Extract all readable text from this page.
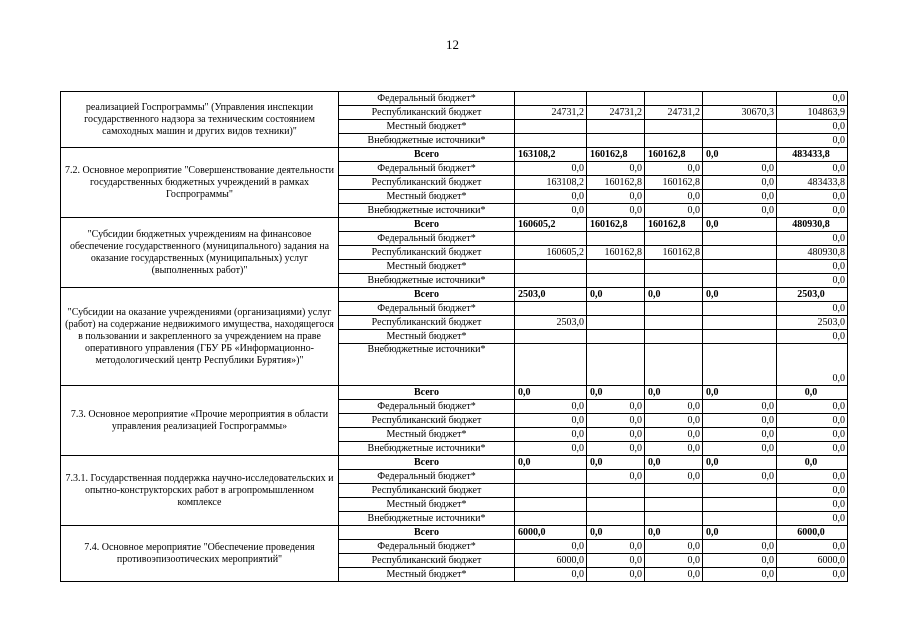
12
реализацией Госпрограммы" (Управления инспекции государственного надзора за техническим состоянием самоходных машин и других видов техники)"	Федеральный бюджет*					0,0
	Республиканский бюджет	24731,2	24731,2	24731,2	30670,3	104863,9
	Местный бюджет*					0,0
	Внебюджетные источники*					0,0
7.2. Основное мероприятие "Совершенствование деятельности государственных бюджетных учреждений в рамках Госпрограммы"	Всего	163108,2	160162,8	160162,8	0,0	483433,8
	Федеральный бюджет*	0,0	0,0	0,0	0,0	0,0
	Республиканский бюджет	163108,2	160162,8	160162,8	0,0	483433,8
	Местный бюджет*	0,0	0,0	0,0	0,0	0,0
	Внебюджетные источники*	0,0	0,0	0,0	0,0	0,0
"Субсидии бюджетных учреждениям на финансовое обеспечение государственного (муниципального) задания на оказание государственных (муниципальных) услуг (выполненных работ)"	Всего	160605,2	160162,8	160162,8	0,0	480930,8
	Федеральный бюджет*					0,0
	Республиканский бюджет	160605,2	160162,8	160162,8		480930,8
	Местный бюджет*					0,0
	Внебюджетные источники*					0,0
"Субсидии на оказание учреждениями (организациями) услуг (работ) на содержание недвижимого имущества, находящегося в пользовании и закрепленного за учреждением на праве оперативного управления (ГБУ РБ «Информационно-методологический центр Республики Бурятия»)"	Всего	2503,0	0,0	0,0	0,0	2503,0
	Федеральный бюджет*					0,0
	Республиканский бюджет	2503,0				2503,0
	Местный бюджет*					0,0
	Внебюджетные источники*					0,0
7.3. Основное мероприятие «Прочие мероприятия в области управления реализацией Госпрограммы»	Всего	0,0	0,0	0,0	0,0	0,0
	Федеральный бюджет*	0,0	0,0	0,0	0,0	0,0
	Республиканский бюджет	0,0	0,0	0,0	0,0	0,0
	Местный бюджет*	0,0	0,0	0,0	0,0	0,0
	Внебюджетные источники*	0,0	0,0	0,0	0,0	0,0
7.3.1. Государственная поддержка научно-исследовательских и опытно-конструкторских работ в агропромышленном комплексе	Всего	0,0	0,0	0,0	0,0	0,0
	Федеральный бюджет*		0,0	0,0	0,0	0,0
	Республиканский бюджет					0,0
	Местный бюджет*					0,0
	Внебюджетные источники*					0,0
7.4. Основное мероприятие "Обеспечение проведения противоэпизоотических мероприятий"	Всего	6000,0	0,0	0,0	0,0	6000,0
	Федеральный бюджет*	0,0	0,0	0,0	0,0	0,0
	Республиканский бюджет	6000,0	0,0	0,0	0,0	6000,0
	Местный бюджет*	0,0	0,0	0,0	0,0	0,0
